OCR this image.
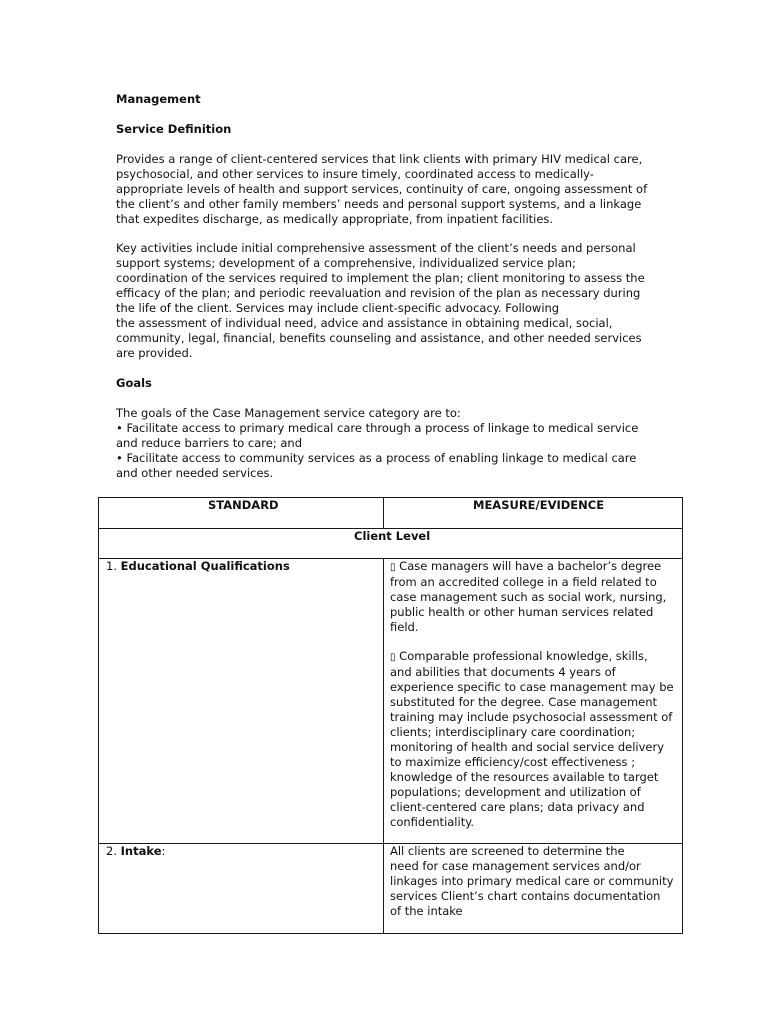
Management
Service Definition
Provides a range of client-centered services that link clients with primary HIV medical care,
psychosocial, and other services to insure timely, coordinated access to medically-
appropriate levels of health and support services, continuity of care, ongoing assessment of
the client’s and other family members’ needs and personal support systems, and a linkage
that expedites discharge, as medically appropriate, from inpatient facilities.
Key activities include initial comprehensive assessment of the client’s needs and personal
support systems; development of a comprehensive, individualized service plan;
coordination of the services required to implement the plan; client monitoring to assess the
efficacy of the plan; and periodic reevaluation and revision of the plan as necessary during
the life of the client. Services may include client-specific advocacy. Following
the assessment of individual need, advice and assistance in obtaining medical, social,
community, legal, financial, benefits counseling and assistance, and other needed services
are provided.
Goals
The goals of the Case Management service category are to:
• Facilitate access to primary medical care through a process of linkage to medical service
and reduce barriers to care; and
• Facilitate access to community services as a process of enabling linkage to medical care
and other needed services.
STANDARD	MEASURE/EVIDENCE
Client Level
1. Educational Qualifications	▯ Case managers will have a bachelor’s degree
from an accredited college in a field related to
case management such as social work, nursing,
public health or other human services related
field.
▯ Comparable professional knowledge, skills,
and abilities that documents 4 years of
experience specific to case management may be
substituted for the degree. Case management
training may include psychosocial assessment of
clients; interdisciplinary care coordination;
monitoring of health and social service delivery
to maximize efficiency/cost effectiveness ;
knowledge of the resources available to target
populations; development and utilization of
client-centered care plans; data privacy and
confidentiality.
2. Intake:	All clients are screened to determine the
need for case management services and/or
linkages into primary medical care or community
services Client’s chart contains documentation
of the intake
